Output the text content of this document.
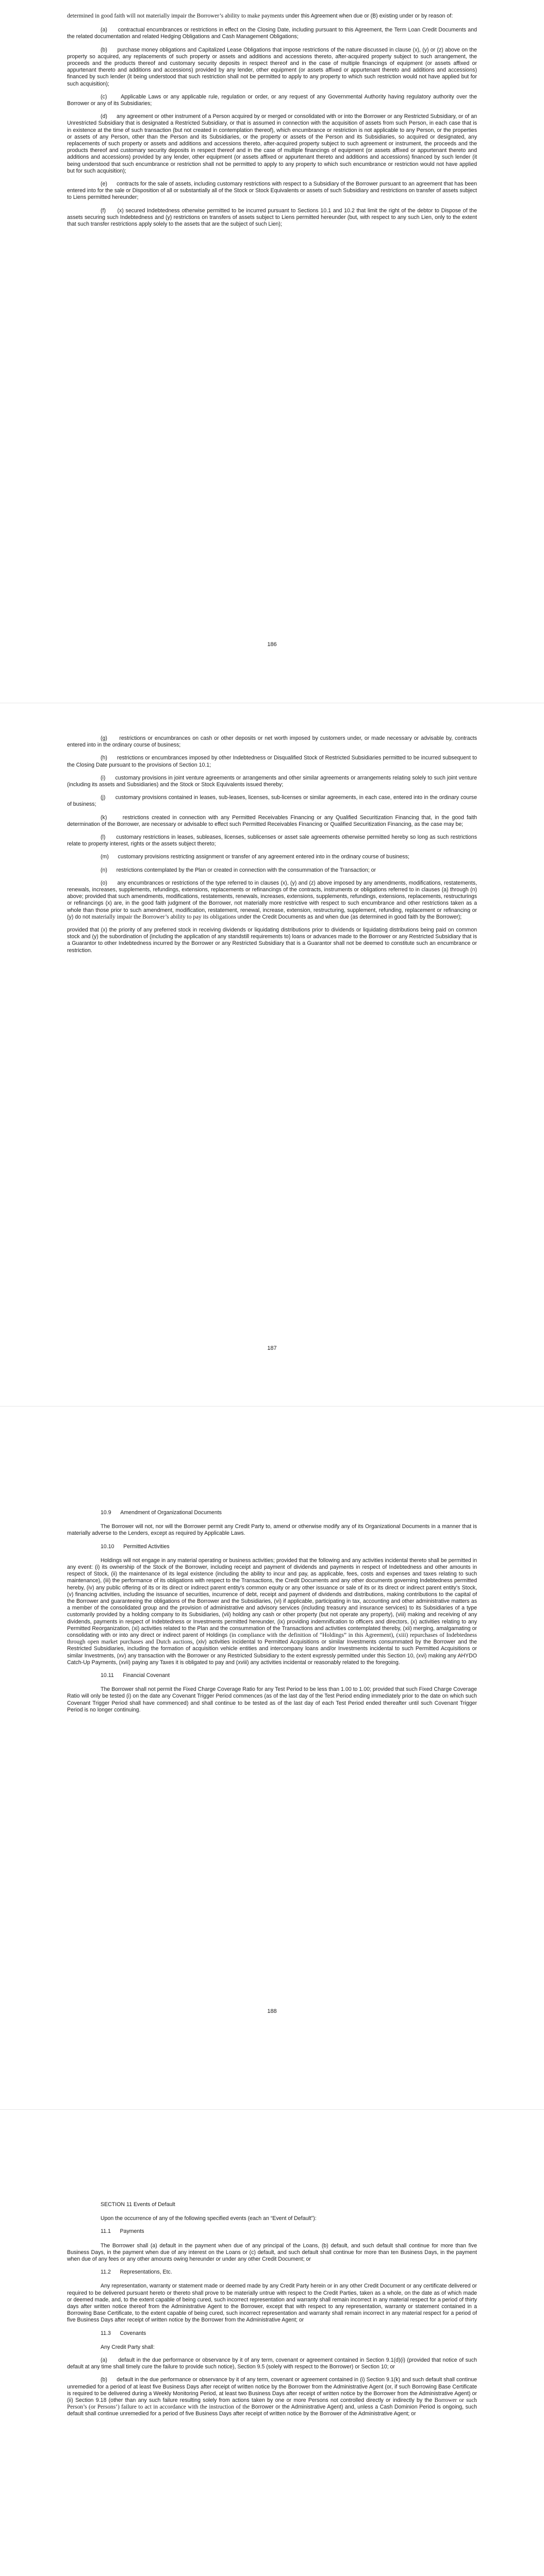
determined in good faith will not materially impair the Borrower’s ability to make payments under this Agreement when due or (B) existing under or by reason of:

(a)      contractual encumbrances or restrictions in effect on the Closing Date, including pursuant to this Agreement, the Term Loan Credit Documents and the related documentation and related Hedging Obligations and Cash Management Obligations;

(b)      purchase money obligations and Capitalized Lease Obligations that impose restrictions of the nature discussed in clause (x), (y) or (z) above on the property so acquired, any replacements of such property or assets and additions and accessions thereto, after-acquired property subject to such arrangement, the proceeds and the products thereof and customary security deposits in respect thereof and in the case of multiple financings of equipment (or assets affixed or appurtenant thereto and additions and accessions) provided by any lender, other equipment (or assets affixed or appurtenant thereto and additions and accessions) financed by such lender (it being understood that such restriction shall not be permitted to apply to any property to which such restriction would not have applied but for such acquisition);

(c)      Applicable Laws or any applicable rule, regulation or order, or any request of any Governmental Authority having regulatory authority over the Borrower or any of its Subsidiaries;

(d)      any agreement or other instrument of a Person acquired by or merged or consolidated with or into the Borrower or any Restricted Subsidiary, or of an Unrestricted Subsidiary that is designated a Restricted Subsidiary, or that is assumed in connection with the acquisition of assets from such Person, in each case that is in existence at the time of such transaction (but not created in contemplation thereof), which encumbrance or restriction is not applicable to any Person, or the properties or assets of any Person, other than the Person and its Subsidiaries, or the property or assets of the Person and its Subsidiaries, so acquired or designated, any replacements of such property or assets and additions and accessions thereto, after-acquired property subject to such agreement or instrument, the proceeds and the products thereof and customary security deposits in respect thereof and in the case of multiple financings of equipment (or assets affixed or appurtenant thereto and additions and accessions) provided by any lender, other equipment (or assets affixed or appurtenant thereto and additions and accessions) financed by such lender (it being understood that such encumbrance or restriction shall not be permitted to apply to any property to which such encumbrance or restriction would not have applied but for such acquisition);

(e)      contracts for the sale of assets, including customary restrictions with respect to a Subsidiary of the Borrower pursuant to an agreement that has been entered into for the sale or Disposition of all or substantially all of the Stock or Stock Equivalents or assets of such Subsidiary and restrictions on transfer of assets subject to Liens permitted hereunder;

(f)      (x) secured Indebtedness otherwise permitted to be incurred pursuant to Sections 10.1 and 10.2 that limit the right of the debtor to Dispose of the assets securing such Indebtedness and (y) restrictions on transfers of assets subject to Liens permitted hereunder (but, with respect to any such Lien, only to the extent that such transfer restrictions apply solely to the assets that are the subject of such Lien);

186

(g)      restrictions or encumbrances on cash or other deposits or net worth imposed by customers under, or made necessary or advisable by, contracts entered into in the ordinary course of business;

(h)      restrictions or encumbrances imposed by other Indebtedness or Disqualified Stock of Restricted Subsidiaries permitted to be incurred subsequent to the Closing Date pursuant to the provisions of Section 10.1;

(i)      customary provisions in joint venture agreements or arrangements and other similar agreements or arrangements relating solely to such joint venture (including its assets and Subsidiaries) and the Stock or Stock Equivalents issued thereby;

(j)      customary provisions contained in leases, sub-leases, licenses, sub-licenses or similar agreements, in each case, entered into in the ordinary course of business;

(k)      restrictions created in connection with any Permitted Receivables Financing or any Qualified Securitization Financing that, in the good faith determination of the Borrower, are necessary or advisable to effect such Permitted Receivables Financing or Qualified Securitization Financing, as the case may be;

(l)      customary restrictions in leases, subleases, licenses, sublicenses or asset sale agreements otherwise permitted hereby so long as such restrictions relate to property interest, rights or the assets subject thereto;

(m)      customary provisions restricting assignment or transfer of any agreement entered into in the ordinary course of business;

(n)      restrictions contemplated by the Plan or created in connection with the consummation of the Transaction; or

(o)      any encumbrances or restrictions of the type referred to in clauses (x), (y) and (z) above imposed by any amendments, modifications, restatements, renewals, increases, supplements, refundings, extensions, replacements or refinancings of the contracts, instruments or obligations referred to in clauses (a) through (n) above; provided that such amendments, modifications, restatements, renewals, increases, extensions, supplements, refundings, extensions, replacements, restructurings or refinancings (x) are, in the good faith judgment of the Borrower, not materially more restrictive with respect to such encumbrance and other restrictions taken as a whole than those prior to such amendment, modification, restatement, renewal, increase, extension, restructuring, supplement, refunding, replacement or refinancing or (y) do not materially impair the Borrower’s ability to pay its obligations under the Credit Documents as and when due (as determined in good faith by the Borrower);

provided that (x) the priority of any preferred stock in receiving dividends or liquidating distributions prior to dividends or liquidating distributions being paid on common stock and (y) the subordination of (including the application of any standstill requirements to) loans or advances made to the Borrower or any Restricted Subsidiary that is a Guarantor to other Indebtedness incurred by the Borrower or any Restricted Subsidiary that is a Guarantor shall not be deemed to constitute such an encumbrance or restriction.

187

10.9      Amendment of Organizational Documents

The Borrower will not, nor will the Borrower permit any Credit Party to, amend or otherwise modify any of its Organizational Documents in a manner that is materially adverse to the Lenders, except as required by Applicable Laws.

10.10      Permitted Activities

Holdings will not engage in any material operating or business activities; provided that the following and any activities incidental thereto shall be permitted in any event: (i) its ownership of the Stock of the Borrower, including receipt and payment of dividends and payments in respect of Indebtedness and other amounts in respect of Stock, (ii) the maintenance of its legal existence (including the ability to incur and pay, as applicable, fees, costs and expenses and taxes relating to such maintenance), (iii) the performance of its obligations with respect to the Transactions, the Credit Documents and any other documents governing Indebtedness permitted hereby, (iv) any public offering of its or its direct or indirect parent entity’s common equity or any other issuance or sale of its or its direct or indirect parent entity’s Stock, (v) financing activities, including the issuance of securities, incurrence of debt, receipt and payment of dividends and distributions, making contributions to the capital of the Borrower and guaranteeing the obligations of the Borrower and the Subsidiaries, (vi) if applicable, participating in tax, accounting and other administrative matters as a member of the consolidated group and the provision of administrative and advisory services (including treasury and insurance services) to its Subsidiaries of a type customarily provided by a holding company to its Subsidiaries, (vii) holding any cash or other property (but not operate any property), (viii) making and receiving of any dividends, payments in respect of Indebtedness or Investments permitted hereunder, (ix) providing indemnification to officers and directors, (x) activities relating to any Permitted Reorganization, (xi) activities related to the Plan and the consummation of the Transactions and activities contemplated thereby, (xii) merging, amalgamating or consolidating with or into any direct or indirect parent of Holdings (in compliance with the definition of “Holdings” in this Agreement), (xiii) repurchases of Indebtedness through open market purchases and Dutch auctions, (xiv) activities incidental to Permitted Acquisitions or similar Investments consummated by the Borrower and the Restricted Subsidiaries, including the formation of acquisition vehicle entities and intercompany loans and/or Investments incidental to such Permitted Acquisitions or similar Investments, (xv) any transaction with the Borrower or any Restricted Subsidiary to the extent expressly permitted under this Section 10, (xvi) making any AHYDO Catch-Up Payments, (xvii) paying any Taxes it is obligated to pay and (xviii) any activities incidental or reasonably related to the foregoing.

10.11      Financial Covenant

The Borrower shall not permit the Fixed Charge Coverage Ratio for any Test Period to be less than 1.00 to 1.00; provided that such Fixed Charge Coverage Ratio will only be tested (i) on the date any Covenant Trigger Period commences (as of the last day of the Test Period ending immediately prior to the date on which such Covenant Trigger Period shall have commenced) and shall continue to be tested as of the last day of each Test Period ended thereafter until such Covenant Trigger Period is no longer continuing.

188

SECTION 11 Events of Default

Upon the occurrence of any of the following specified events (each an “Event of Default”):

11.1      Payments

The Borrower shall (a) default in the payment when due of any principal of the Loans, (b) default, and such default shall continue for more than five Business Days, in the payment when due of any interest on the Loans or (c) default, and such default shall continue for more than ten Business Days, in the payment when due of any fees or any other amounts owing hereunder or under any other Credit Document; or

11.2      Representations, Etc.

Any representation, warranty or statement made or deemed made by any Credit Party herein or in any other Credit Document or any certificate delivered or required to be delivered pursuant hereto or thereto shall prove to be materially untrue with respect to the Credit Parties, taken as a whole, on the date as of which made or deemed made, and, to the extent capable of being cured, such incorrect representation and warranty shall remain incorrect in any material respect for a period of thirty days after written notice thereof from the Administrative Agent to the Borrower, except that with respect to any representation, warranty or statement contained in a Borrowing Base Certificate, to the extent capable of being cured, such incorrect representation and warranty shall remain incorrect in any material respect for a period of five Business Days after receipt of written notice by the Borrower from the Administrative Agent; or

11.3      Covenants

Any Credit Party shall:

(a)      default in the due performance or observance by it of any term, covenant or agreement contained in Section 9.1(d)(i) (provided that notice of such default at any time shall timely cure the failure to provide such notice), Section 9.5 (solely with respect to the Borrower) or Section 10; or

(b)      default in the due performance or observance by it of any term, covenant or agreement contained in (i) Section 9.1(k) and such default shall continue unremedied for a period of at least five Business Days after receipt of written notice by the Borrower from the Administrative Agent (or, if such Borrowing Base Certificate is required to be delivered during a Weekly Monitoring Period, at least two Business Days after receipt of written notice by the Borrower from the Administrative Agent) or (ii) Section 9.18 (other than any such failure resulting solely from actions taken by one or more Persons not controlled directly or indirectly by the Borrower or such Person’s (or Persons’) failure to act in accordance with the instruction of the Borrower or the Administrative Agent) and, unless a Cash Dominion Period is ongoing, such default shall continue unremedied for a period of five Business Days after receipt of written notice by the Borrower of the Administrative Agent; or
